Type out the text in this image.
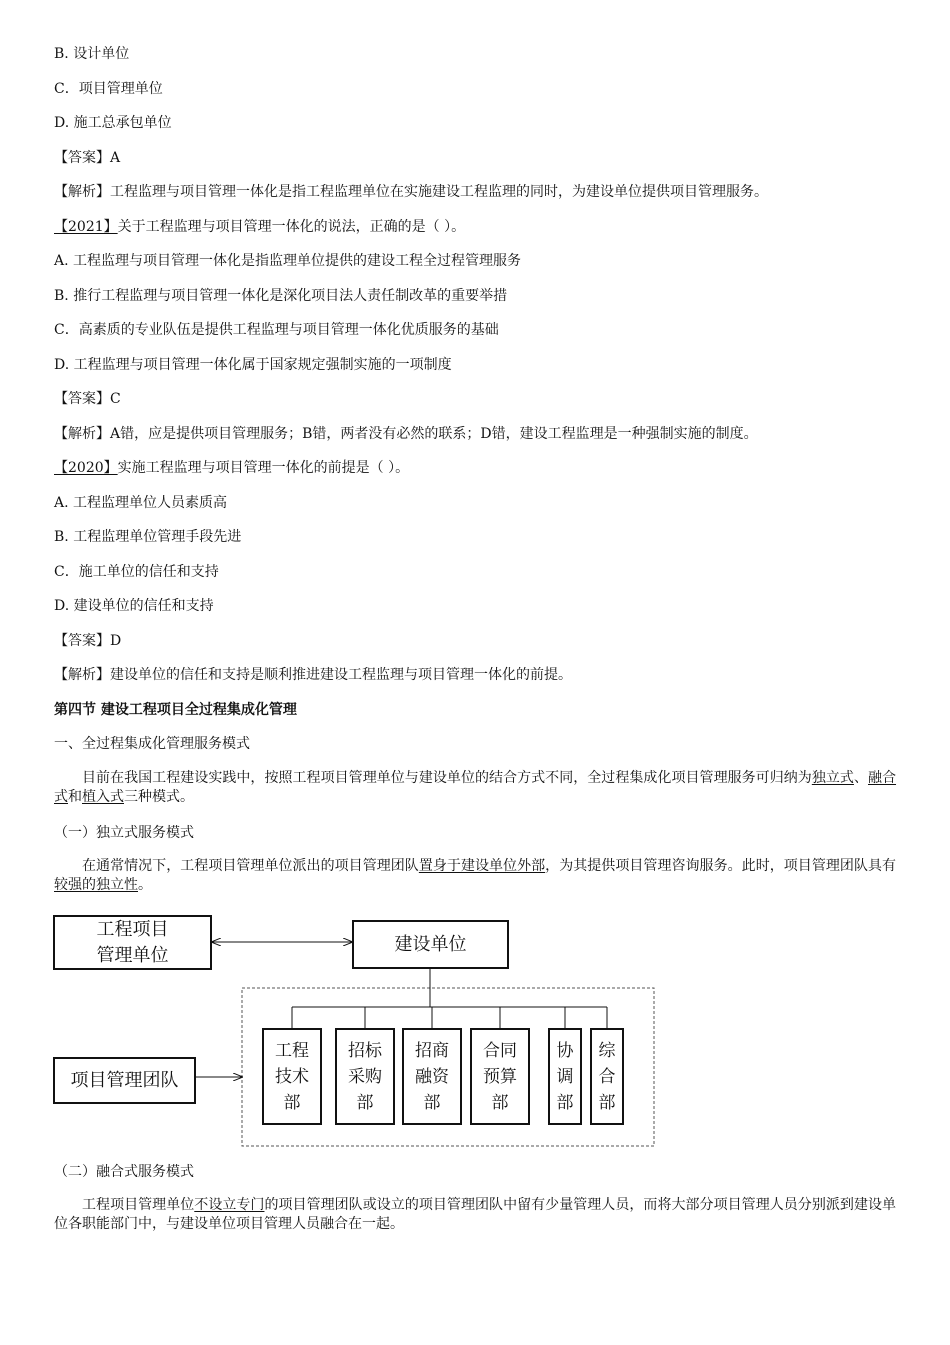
B. 设计单位
C．项目管理单位
D. 施工总承包单位
【答案】A
【解析】工程监理与项目管理一体化是指工程监理单位在实施建设工程监理的同时，为建设单位提供项目管理服务。
【2021】关于工程监理与项目管理一体化的说法，正确的是（ ）。
A. 工程监理与项目管理一体化是指监理单位提供的建设工程全过程管理服务
B. 推行工程监理与项目管理一体化是深化项目法人责任制改革的重要举措
C．高素质的专业队伍是提供工程监理与项目管理一体化优质服务的基础
D. 工程监理与项目管理一体化属于国家规定强制实施的一项制度
【答案】C
【解析】A错，应是提供项目管理服务；B错，两者没有必然的联系；D错，建设工程监理是一种强制实施的制度。
【2020】实施工程监理与项目管理一体化的前提是（ ）。
A. 工程监理单位人员素质高
B. 工程监理单位管理手段先进
C．施工单位的信任和支持
D. 建设单位的信任和支持
【答案】D
【解析】建设单位的信任和支持是顺利推进建设工程监理与项目管理一体化的前提。
第四节 建设工程项目全过程集成化管理
一、全过程集成化管理服务模式
目前在我国工程建设实践中，按照工程项目管理单位与建设单位的结合方式不同，全过程集成化项目管理服务可归纳为独立式、融合式和植入式三种模式。
（一）独立式服务模式
在通常情况下，工程项目管理单位派出的项目管理团队置身于建设单位外部，为其提供项目管理咨询服务。此时，项目管理团队具有较强的独立性。
工程项目
管理单位
建设单位
项目管理团队
工程
技术
部
招标
采购
部
招商
融资
部
合同
预算
部
协
调
部
综
合
部
（二）融合式服务模式
工程项目管理单位不设立专门的项目管理团队或设立的项目管理团队中留有少量管理人员，而将大部分项目管理人员分别派到建设单位各职能部门中，与建设单位项目管理人员融合在一起。
